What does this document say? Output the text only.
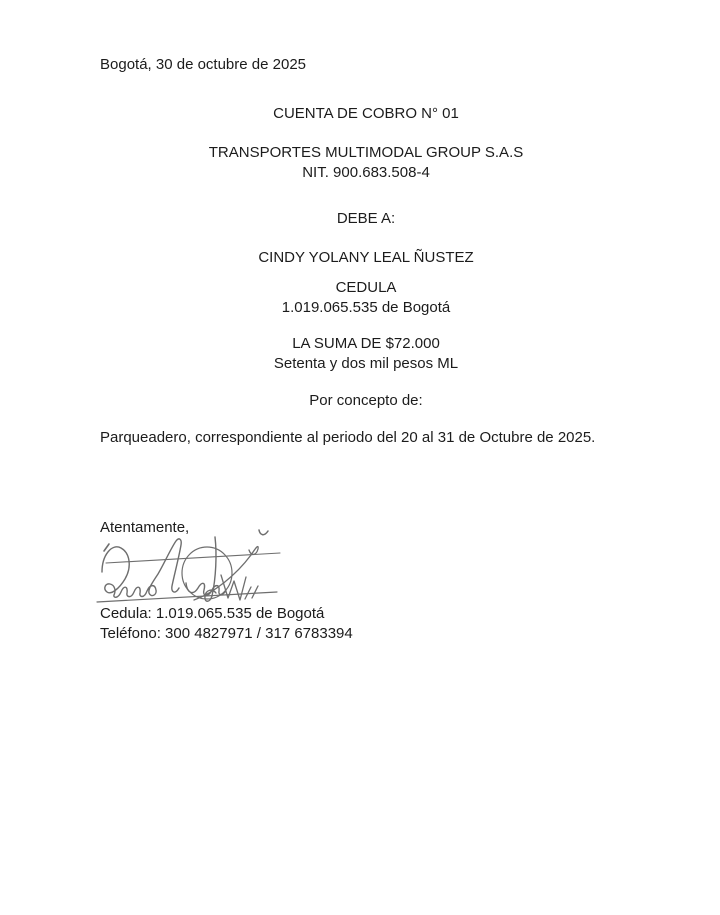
Bogotá, 30 de octubre de 2025
CUENTA DE COBRO N° 01
TRANSPORTES MULTIMODAL GROUP S.A.S
NIT. 900.683.508-4
DEBE A:
CINDY YOLANY LEAL ÑUSTEZ
CEDULA
1.019.065.535 de Bogotá
LA SUMA DE $72.000
Setenta y dos mil pesos ML
Por concepto de:
Parqueadero, correspondiente al periodo del 20 al 31 de Octubre de 2025.
Atentamente,
Cedula: 1.019.065.535 de Bogotá
Teléfono: 300 4827971 / 317 6783394
